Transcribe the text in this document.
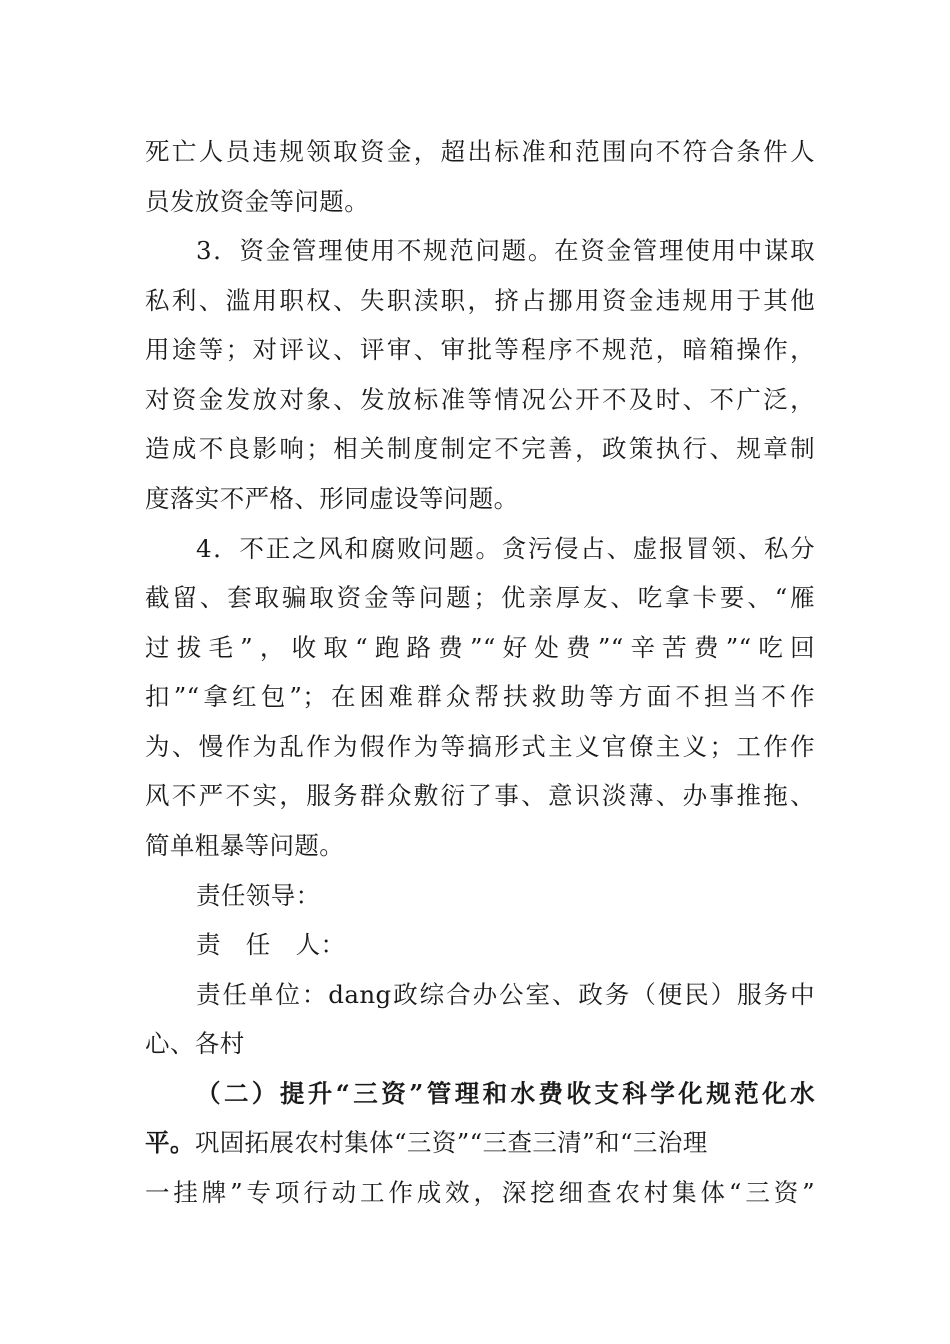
死亡人员违规领取资金，超出标准和范围向不符合条件人
员发放资金等问题。
3．资金管理使用不规范问题。在资金管理使用中谋取
私利、滥用职权、失职渎职，挤占挪用资金违规用于其他
用途等；对评议、评审、审批等程序不规范，暗箱操作，
对资金发放对象、发放标准等情况公开不及时、不广泛，
造成不良影响；相关制度制定不完善，政策执行、规章制
度落实不严格、形同虚设等问题。
4．不正之风和腐败问题。贪污侵占、虚报冒领、私分
截留、套取骗取资金等问题；优亲厚友、吃拿卡要、“雁
过拔毛”，收取“跑路费”“好处费”“辛苦费”“吃回
扣”“拿红包”；在困难群众帮扶救助等方面不担当不作
为、慢作为乱作为假作为等搞形式主义官僚主义；工作作
风不严不实，服务群众敷衍了事、意识淡薄、办事推拖、
简单粗暴等问题。
责任领导：
责　任　人：
责任单位：dang政综合办公室、政务（便民）服务中
心、各村
（二）提升“三资”管理和水费收支科学化规范化水
平。巩固拓展农村集体“三资”“三查三清”和“三治理
一挂牌”专项行动工作成效，深挖细查农村集体“三资”
